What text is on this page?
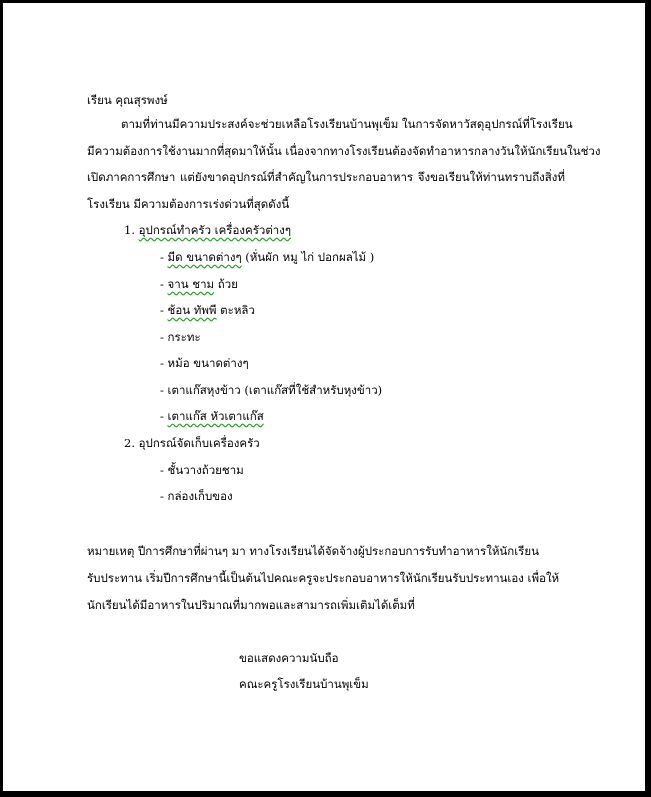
เรียน คุณสุรพงษ์
ตามที่ท่านมีความประสงค์จะช่วยเหลือโรงเรียนบ้านพุเข็ม ในการจัดหาวัสดุอุปกรณ์ที่โรงเรียน
มีความต้องการใช้งานมากที่สุดมาให้นั้น เนื่องจากทางโรงเรียนต้องจัดทำอาหารกลางวันให้นักเรียนในช่วง
เปิดภาคการศึกษา แต่ยังขาดอุปกรณ์ที่สำคัญในการประกอบอาหาร จึงขอเรียนให้ท่านทราบถึงสิ่งที่
โรงเรียน มีความต้องการเร่งด่วนที่สุดดังนี้
1. อุปกรณ์ทำครัว เครื่องครัวต่างๆ
- มีด ขนาดต่างๆ (หั่นผัก หมู ไก่ ปอกผลไม้ )
- จาน ชาม ถ้วย
- ช้อน ทัพพี ตะหลิว
- กระทะ
- หม้อ ขนาดต่างๆ
- เตาแก๊สหุงข้าว (เตาแก๊สที่ใช้สำหรับหุงข้าว)
- เตาแก๊ส หัวเตาแก๊ส
2. อุปกรณ์จัดเก็บเครื่องครัว
- ชั้นวางถ้วยชาม
- กล่องเก็บของ
หมายเหตุ ปีการศึกษาที่ผ่านๆ มา ทางโรงเรียนได้จัดจ้างผู้ประกอบการรับทำอาหารให้นักเรียน
รับประทาน เริ่มปีการศึกษานี้เป็นต้นไปคณะครูจะประกอบอาหารให้นักเรียนรับประทานเอง เพื่อให้
นักเรียนได้มีอาหารในปริมาณที่มากพอและสามารถเพิ่มเติมได้เต็มที่
ขอแสดงความนับถือ
คณะครูโรงเรียนบ้านพุเข็ม
